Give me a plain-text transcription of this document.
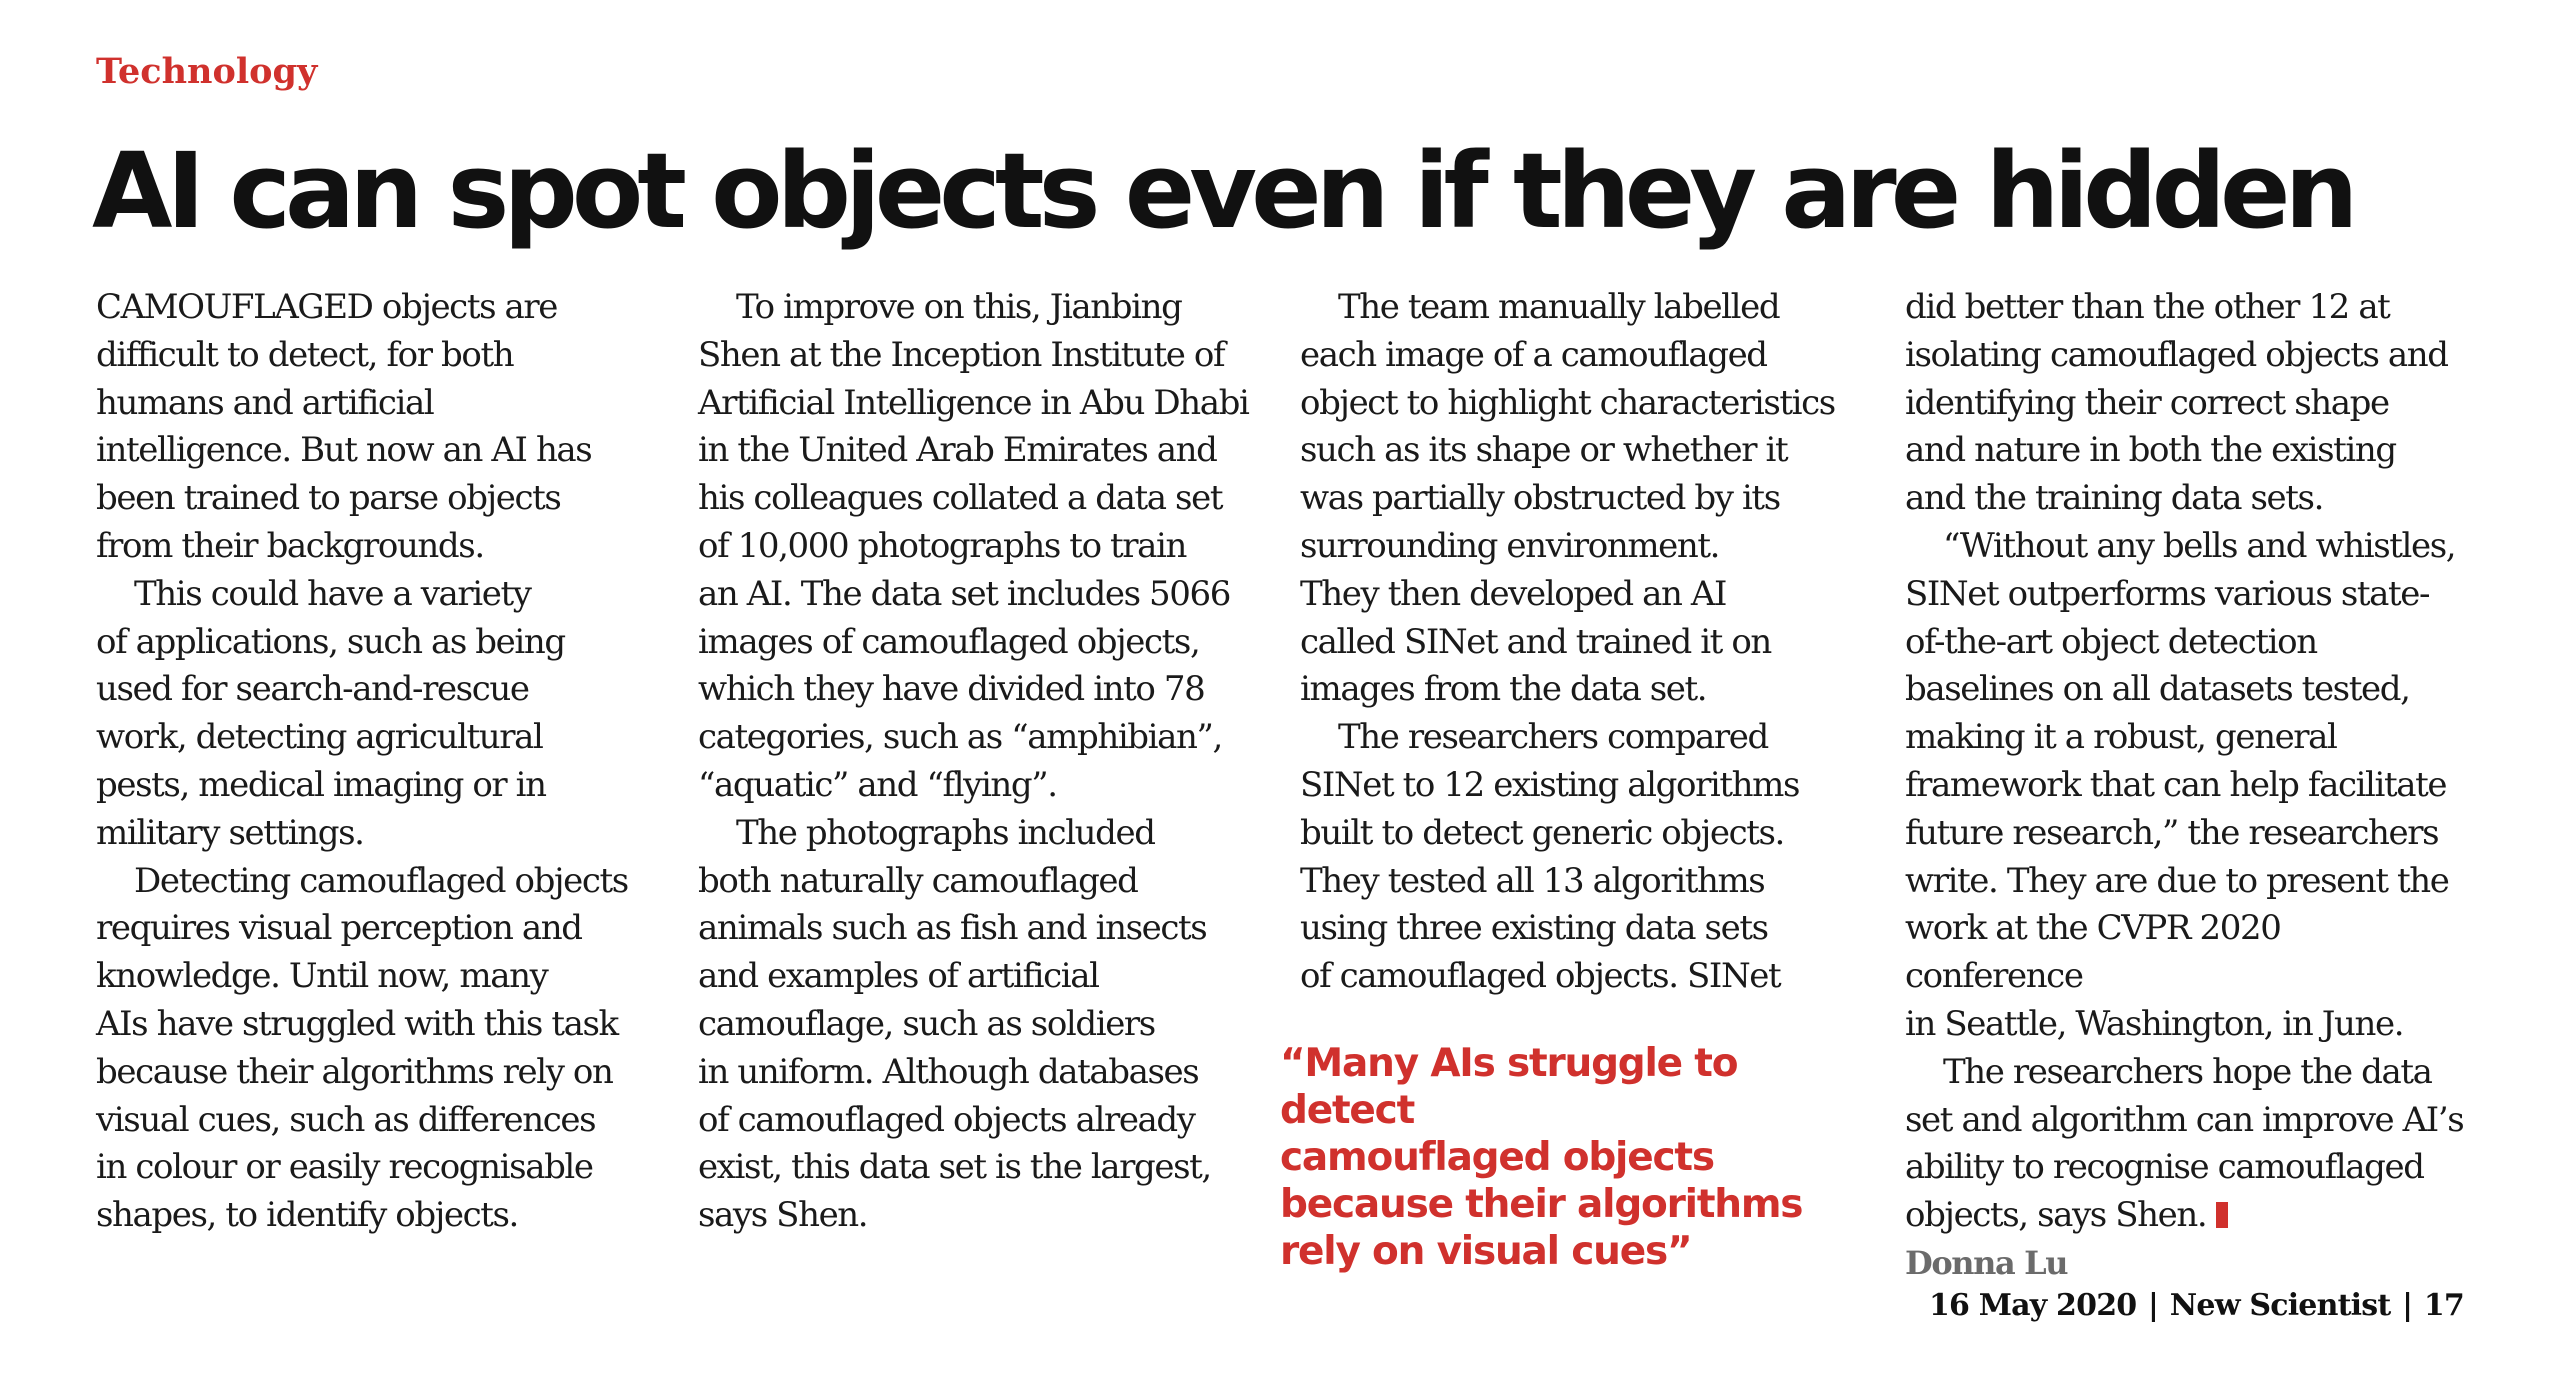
Technology
AI can spot objects even if they are hidden

CAMOUFLAGED objects are
difficult to detect, for both
humans and artificial
intelligence. But now an AI has
been trained to parse objects
from their backgrounds.

This could have a variety
of applications, such as being
used for search-and-rescue
work, detecting agricultural
pests, medical imaging or in
military settings.

Detecting camouflaged objects
requires visual perception and
knowledge. Until now, many
AIs have struggled with this task
because their algorithms rely on
visual cues, such as differences
in colour or easily recognisable
shapes, to identify objects.

To improve on this, Jianbing
Shen at the Inception Institute of
Artificial Intelligence in Abu Dhabi
in the United Arab Emirates and
his colleagues collated a data set
of 10,000 photographs to train
an AI. The data set includes 5066
images of camouflaged objects,
which they have divided into 78
categories, such as “amphibian”,
“aquatic” and “flying”.

The photographs included
both naturally camouflaged
animals such as fish and insects
and examples of artificial
camouflage, such as soldiers
in uniform. Although databases
of camouflaged objects already
exist, this data set is the largest,
says Shen.

The team manually labelled
each image of a camouflaged
object to highlight characteristics
such as its shape or whether it
was partially obstructed by its
surrounding environment.
They then developed an AI
called SINet and trained it on
images from the data set.

The researchers compared
SINet to 12 existing algorithms
built to detect generic objects.
They tested all 13 algorithms
using three existing data sets
of camouflaged objects. SINet

“Many AIs struggle to detect
camouflaged objects
because their algorithms
rely on visual cues”

did better than the other 12 at
isolating camouflaged objects and
identifying their correct shape
and nature in both the existing
and the training data sets.

“Without any bells and whistles,
SINet outperforms various state-
of-the-art object detection
baselines on all datasets tested,
making it a robust, general
framework that can help facilitate
future research,” the researchers
write. They are due to present the
work at the CVPR 2020 conference
in Seattle, Washington, in June.

The researchers hope the data
set and algorithm can improve AI’s
ability to recognise camouflaged
objects, says Shen.

Donna Lu
16 May 2020 | New Scientist | 17
